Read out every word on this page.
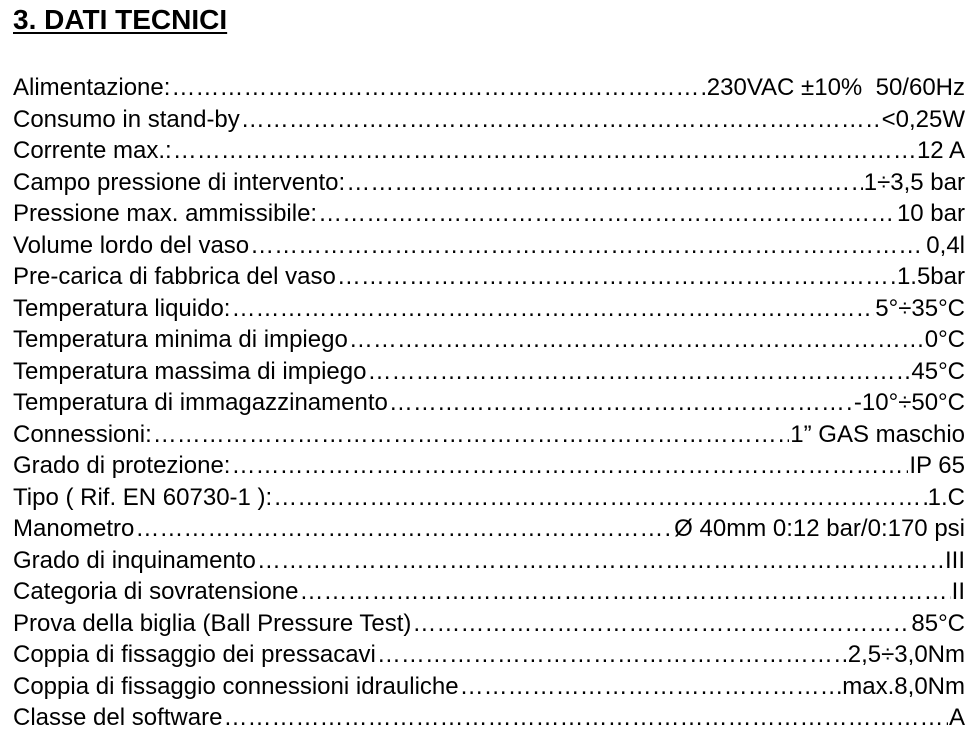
3. DATI TECNICI
Alimentazione: ……………………………………………………………………………………………………………………………………………………………………………………………………………………	230VAC ±10%  50/60Hz
Consumo in stand-by ……………………………………………………………………………………………………………………………………………………………………………………………………………………	<0,25W
Corrente max.: ……………………………………………………………………………………………………………………………………………………………………………………………………………………	12 A
Campo pressione di intervento: ……………………………………………………………………………………………………………………………………………………………………………………………………………………	1÷3,5 bar
Pressione max. ammissibile: ……………………………………………………………………………………………………………………………………………………………………………………………………………………	10 bar
Volume lordo del vaso ……………………………………………………………………………………………………………………………………………………………………………………………………………………	0,4l
Pre-carica di fabbrica del vaso ……………………………………………………………………………………………………………………………………………………………………………………………………………………	1.5bar
Temperatura liquido: ……………………………………………………………………………………………………………………………………………………………………………………………………………………	5°÷35°C
Temperatura minima di impiego ……………………………………………………………………………………………………………………………………………………………………………………………………………………	0°C
Temperatura massima di impiego ……………………………………………………………………………………………………………………………………………………………………………………………………………………	45°C
Temperatura di immagazzinamento ……………………………………………………………………………………………………………………………………………………………………………………………………………………	-10°÷50°C
Connessioni: ……………………………………………………………………………………………………………………………………………………………………………………………………………………	1” GAS maschio
Grado di protezione: ……………………………………………………………………………………………………………………………………………………………………………………………………………………	IP 65
Tipo ( Rif. EN 60730-1 ): ……………………………………………………………………………………………………………………………………………………………………………………………………………………	1.C
Manometro ……………………………………………………………………………………………………………………………………………………………………………………………………………………	Ø 40mm 0:12 bar/0:170 psi
Grado di inquinamento ……………………………………………………………………………………………………………………………………………………………………………………………………………………	III
Categoria di sovratensione ……………………………………………………………………………………………………………………………………………………………………………………………………………………	II
Prova della biglia (Ball Pressure Test) ……………………………………………………………………………………………………………………………………………………………………………………………………………………	85°C
Coppia di fissaggio dei pressacavi ……………………………………………………………………………………………………………………………………………………………………………………………………………………	2,5÷3,0Nm
Coppia di fissaggio connessioni idrauliche ……………………………………………………………………………………………………………………………………………………………………………………………………………………	max.8,0Nm
Classe del software ……………………………………………………………………………………………………………………………………………………………………………………………………………………	A
